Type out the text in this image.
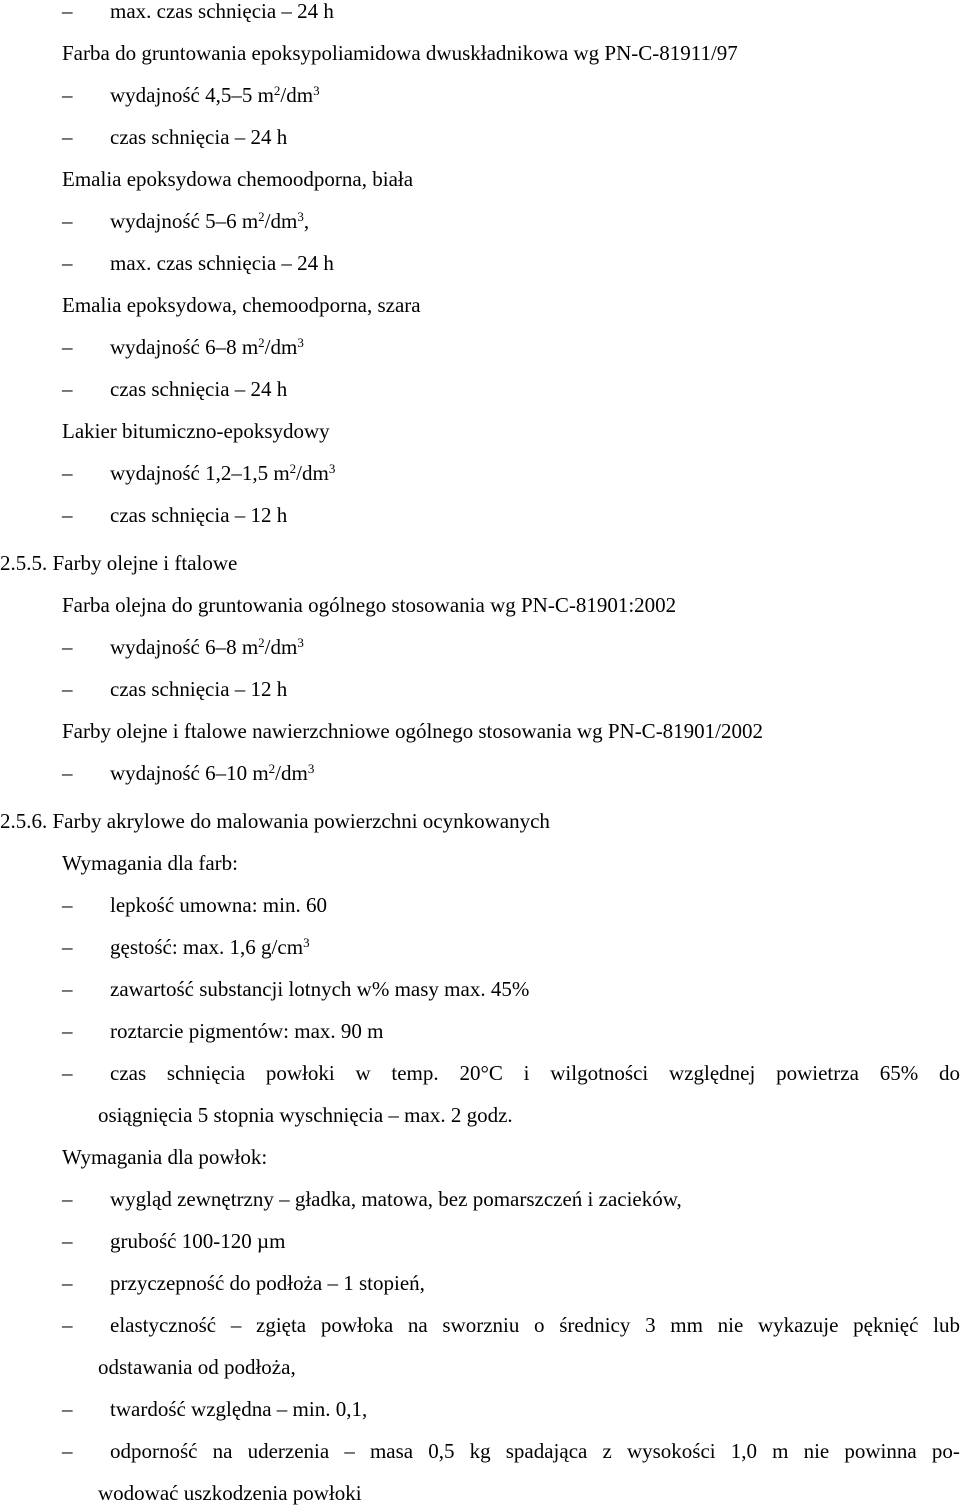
– max. czas schnięcia – 24 h
Farba do gruntowania epoksypoliamidowa dwuskładnikowa wg PN-C-81911/97
– wydajność 4,5–5 $m^2/dm^3$
– czas schnięcia – 24 h
Emalia epoksydowa chemoodporna, biała
– wydajność 5–6 $m^2/dm^3$,
– max. czas schnięcia – 24 h
Emalia epoksydowa, chemoodporna, szara
– wydajność 6–8 $m^2/dm^3$
– czas schnięcia – 24 h
Lakier bitumiczno-epoksydowy
– wydajność 1,2–1,5 $m^2/dm^3$
– czas schnięcia – 12 h
2.5.5. Farby olejne i ftalowe
Farba olejna do gruntowania ogólnego stosowania wg PN-C-81901:2002
– wydajność 6–8 $m^2/dm^3$
– czas schnięcia – 12 h
Farby olejne i ftalowe nawierzchniowe ogólnego stosowania wg PN-C-81901/2002
– wydajność 6–10 $m^2/dm^3$
2.5.6. Farby akrylowe do malowania powierzchni ocynkowanych
Wymagania dla farb:
– lepkość umowna: min. 60
– gęstość: max. 1,6 $g/cm^3$
– zawartość substancji lotnych w% masy max. 45%
– roztarcie pigmentów: max. 90 m
– czas schnięcia powłoki w temp. 20°C i wilgotności względnej powietrza 65% do
osiągnięcia 5 stopnia wyschnięcia – max. 2 godz.
Wymagania dla powłok:
– wygląd zewnętrzny – gładka, matowa, bez pomarszczeń i zacieków,
– grubość 100-120 µm
– przyczepność do podłoża – 1 stopień,
– elastyczność – zgięta powłoka na sworzniu o średnicy 3 mm nie wykazuje pęknięć lub
odstawania od podłoża,
– twardość względna – min. 0,1,
– odporność na uderzenia – masa 0,5 kg spadająca z wysokości 1,0 m nie powinna po-
wodować uszkodzenia powłoki
